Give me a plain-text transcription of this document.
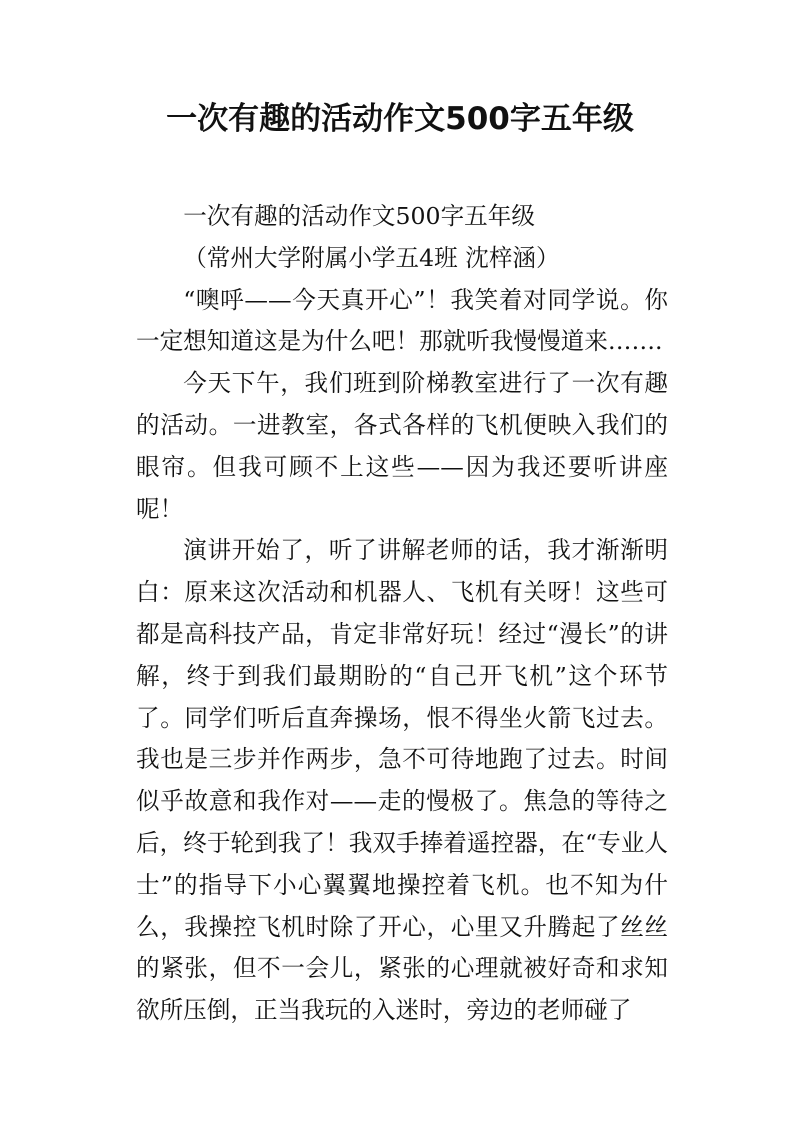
一次有趣的活动作文500字五年级

一次有趣的活动作文500字五年级

（常州大学附属小学五4班 沈梓涵）

“噢呼——今天真开心”！我笑着对同学说。你一定想知道这是为什么吧！那就听我慢慢道来…….

今天下午，我们班到阶梯教室进行了一次有趣的活动。一进教室，各式各样的飞机便映入我们的眼帘。但我可顾不上这些——因为我还要听讲座呢！

演讲开始了，听了讲解老师的话，我才渐渐明白：原来这次活动和机器人、飞机有关呀！这些可都是高科技产品，肯定非常好玩！经过“漫长”的讲解，终于到我们最期盼的“自己开飞机”这个环节了。同学们听后直奔操场，恨不得坐火箭飞过去。我也是三步并作两步，急不可待地跑了过去。时间似乎故意和我作对——走的慢极了。焦急的等待之后，终于轮到我了！我双手捧着遥控器，在“专业人士”的指导下小心翼翼地操控着飞机。也不知为什么，我操控飞机时除了开心，心里又升腾起了丝丝的紧张，但不一会儿，紧张的心理就被好奇和求知欲所压倒，正当我玩的入迷时，旁边的老师碰了
